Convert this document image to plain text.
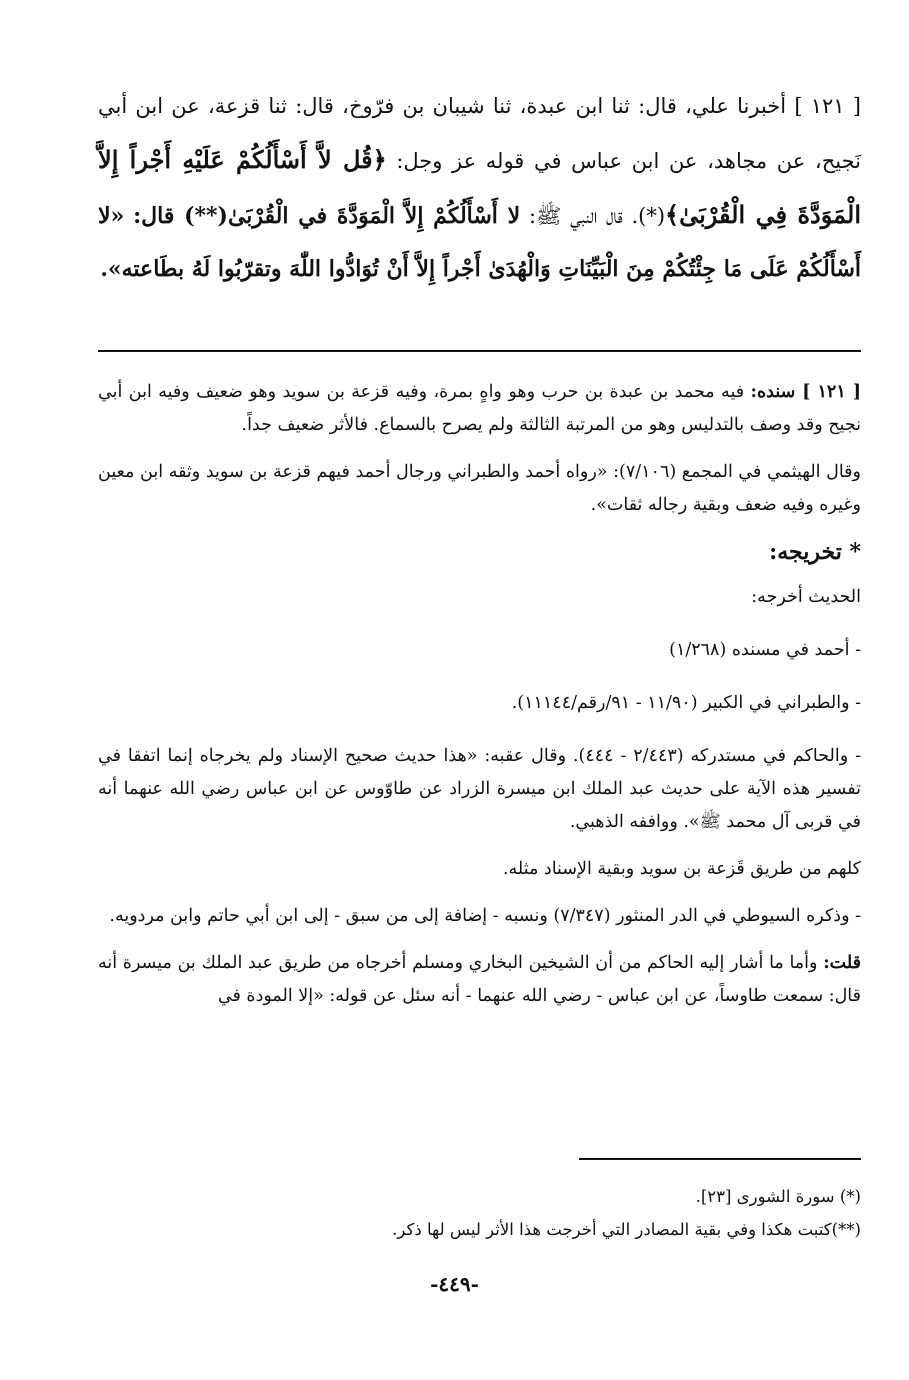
[ ١٢١ ] أخبرنا علي، قال: ثنا ابن عبدة، ثنا شيبان بن فرّوخ، قال: ثنا قزعة، عن ابن أبي نَجيح، عن مجاهد، عن ابن عباس في قوله عز وجل: ﴿قُل لاَّ أَسْأَلُكُمْ عَلَيْهِ أَجْراً إِلاَّ الْمَوَدَّةَ فِي الْقُرْبَىٰ﴾(*). قال النبي ﷺ: لا أَسْأَلُكُمْ إِلاَّ الْمَوَدَّةَ في الْقُرْبَىٰ(**) قال: «لا أَسْأَلُكُمْ عَلَى مَا جِئْتُكُمْ مِنَ الْبَيِّنَاتِ وَالْهُدَىٰ أَجْراً إِلاَّ أَنْ تُوَادُّوا اللّٰهَ وتقرّبُوا لَهُ بطَاعته».

[ ١٢١ ] سنده: فيه محمد بن عبدة بن حرب وهو واهٍ بمرة، وفيه قزعة بن سويد وهو ضعيف وفيه ابن أبي نجيح وقد وصف بالتدليس وهو من المرتبة الثالثة ولم يصرح بالسماع. فالأثر ضعيف جداً.

وقال الهيثمي في المجمع (٧/١٠٦): «رواه أحمد والطبراني ورجال أحمد فيهم قزعة بن سويد وثقه ابن معين وغيره وفيه ضعف وبقية رجاله ثقات».

* تخريجه:

الحديث أخرجه:

- أحمد في مسنده (١/٢٦٨)

- والطبراني في الكبير (١١/٩٠ - ٩١/رقم/١١١٤٤).

- والحاكم في مستدركه (٢/٤٤٣ - ٤٤٤). وقال عقبه: «هذا حديث صحيح الإسناد ولم يخرجاه إنما اتفقا في تفسير هذه الآية على حديث عبد الملك ابن ميسرة الزراد عن طاوّوس عن ابن عباس رضي الله عنهما أنه في قربى آل محمد ﷺ». وواففه الذهبي.

كلهم من طريق قَزعة بن سويد وبقية الإسناد مثله.

- وذكره السيوطي في الدر المنثور (٧/٣٤٧) ونسبه - إضافة إلى من سبق - إلى ابن أبي حاتم وابن مردويه.

قلت: وأما ما أشار إليه الحاكم من أن الشيخين البخاري ومسلم أخرجاه من طريق عبد الملك بن ميسرة أنه قال: سمعت طاوساً، عن ابن عباس - رضي الله عنهما - أنه سئل عن قوله: «إلا المودة في

(*) سورة الشورى [٢٣].

(**)كتبت هكذا وفي بقية المصادر التي أخرجت هذا الأثر ليس لها ذكر.

-٤٤٩-
